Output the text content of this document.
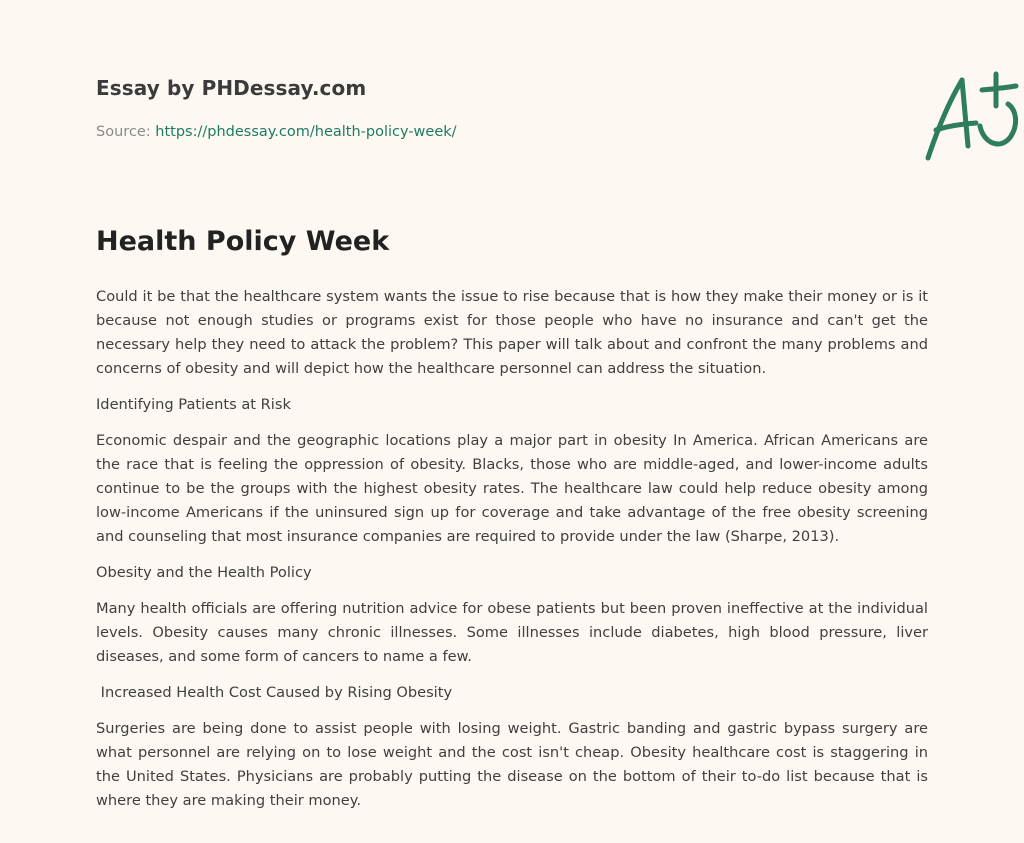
Essay by PHDessay.com
Source: https://phdessay.com/health-policy-week/
Health Policy Week

Could it be that the healthcare system wants the issue to rise because that is how they make their money or is it because not enough studies or programs exist for those people who have no insurance and can't get the necessary help they need to attack the problem? This paper will talk about and confront the many problems and concerns of obesity and will depict how the healthcare personnel can address the situation.

Identifying Patients at Risk

Economic despair and the geographic locations play a major part in obesity In America. African Americans are the race that is feeling the oppression of obesity. Blacks, those who are middle-aged, and lower-income adults continue to be the groups with the highest obesity rates. The healthcare law could help reduce obesity among low-income Americans if the uninsured sign up for coverage and take advantage of the free obesity screening and counseling that most insurance companies are required to provide under the law (Sharpe, 2013).

Obesity and the Health Policy

Many health officials are offering nutrition advice for obese patients but been proven ineffective at the individual levels. Obesity causes many chronic illnesses. Some illnesses include diabetes, high blood pressure, liver diseases, and some form of cancers to name a few.

Increased Health Cost Caused by Rising Obesity

Surgeries are being done to assist people with losing weight. Gastric banding and gastric bypass surgery are what personnel are relying on to lose weight and the cost isn't cheap. Obesity healthcare cost is staggering in the United States. Physicians are probably putting the disease on the bottom of their to-do list because that is where they are making their money.
